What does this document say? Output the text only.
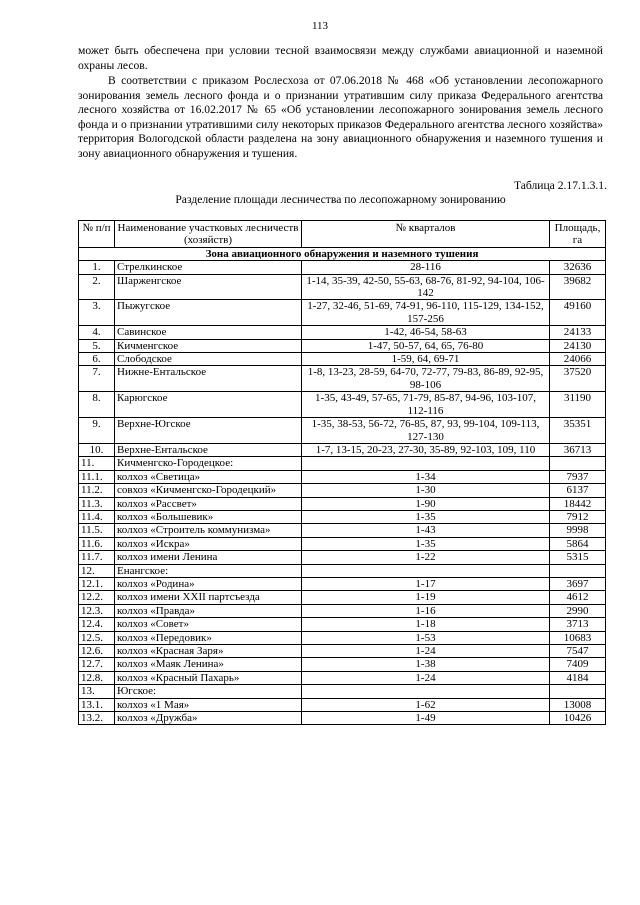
113
может быть обеспечена при условии тесной взаимосвязи между службами авиационной и наземной охраны лесов.
В соответствии с приказом Рослесхоза от 07.06.2018 № 468 «Об установлении лесопожарного зонирования земель лесного фонда и о признании утратившим силу приказа Федерального агентства лесного хозяйства от 16.02.2017 № 65 «Об установлении лесопожарного зонирования земель лесного фонда и о признании утратившими силу некоторых приказов Федерального агентства лесного хозяйства» территория Вологодской области разделена на зону авиационного обнаружения и наземного тушения и зону авиационного обнаружения и тушения.
Таблица 2.17.1.3.1.
Разделение площади лесничества по лесопожарному зонированию
№ п/п	Наименование участковых лесничеств (хозяйств)	№ кварталов	Площадь, га
Зона авиационного обнаружения и наземного тушения			
1.	Стрелкинское	28-116	32636
2.	Шарженгское	1-14, 35-39, 42-50, 55-63, 68-76, 81-92, 94-104, 106-142	39682
3.	Пыжугское	1-27, 32-46, 51-69, 74-91, 96-110, 115-129, 134-152, 157-256	49160
4.	Савинское	1-42, 46-54, 58-63	24133
5.	Кичменгское	1-47, 50-57, 64, 65, 76-80	24130
6.	Слободское	1-59, 64, 69-71	24066
7.	Нижне-Ентальское	1-8, 13-23, 28-59, 64-70, 72-77, 79-83, 86-89, 92-95, 98-106	37520
8.	Карюгское	1-35, 43-49, 57-65, 71-79, 85-87, 94-96, 103-107, 112-116	31190
9.	Верхне-Югское	1-35, 38-53, 56-72, 76-85, 87, 93, 99-104, 109-113, 127-130	35351
10.	Верхне-Ентальское	1-7, 13-15, 20-23, 27-30, 35-89, 92-103, 109, 110	36713
11.	Кичменгско-Городецкое:		
11.1.	колхоз «Светица»	1-34	7937
11.2.	совхоз «Кичменгско-Городецкий»	1-30	6137
11.3.	колхоз «Рассвет»	1-90	18442
11.4.	колхоз «Большевик»	1-35	7912
11.5.	колхоз «Строитель коммунизма»	1-43	9998
11.6.	колхоз «Искра»	1-35	5864
11.7.	колхоз имени Ленина	1-22	5315
12.	Енангское:		
12.1.	колхоз «Родина»	1-17	3697
12.2.	колхоз имени XXII партсъезда	1-19	4612
12.3.	колхоз «Правда»	1-16	2990
12.4.	колхоз «Совет»	1-18	3713
12.5.	колхоз «Передовик»	1-53	10683
12.6.	колхоз «Красная Заря»	1-24	7547
12.7.	колхоз «Маяк Ленина»	1-38	7409
12.8.	колхоз «Красный Пахарь»	1-24	4184
13.	Югское:		
13.1.	колхоз «1 Мая»	1-62	13008
13.2.	колхоз «Дружба»	1-49	10426
